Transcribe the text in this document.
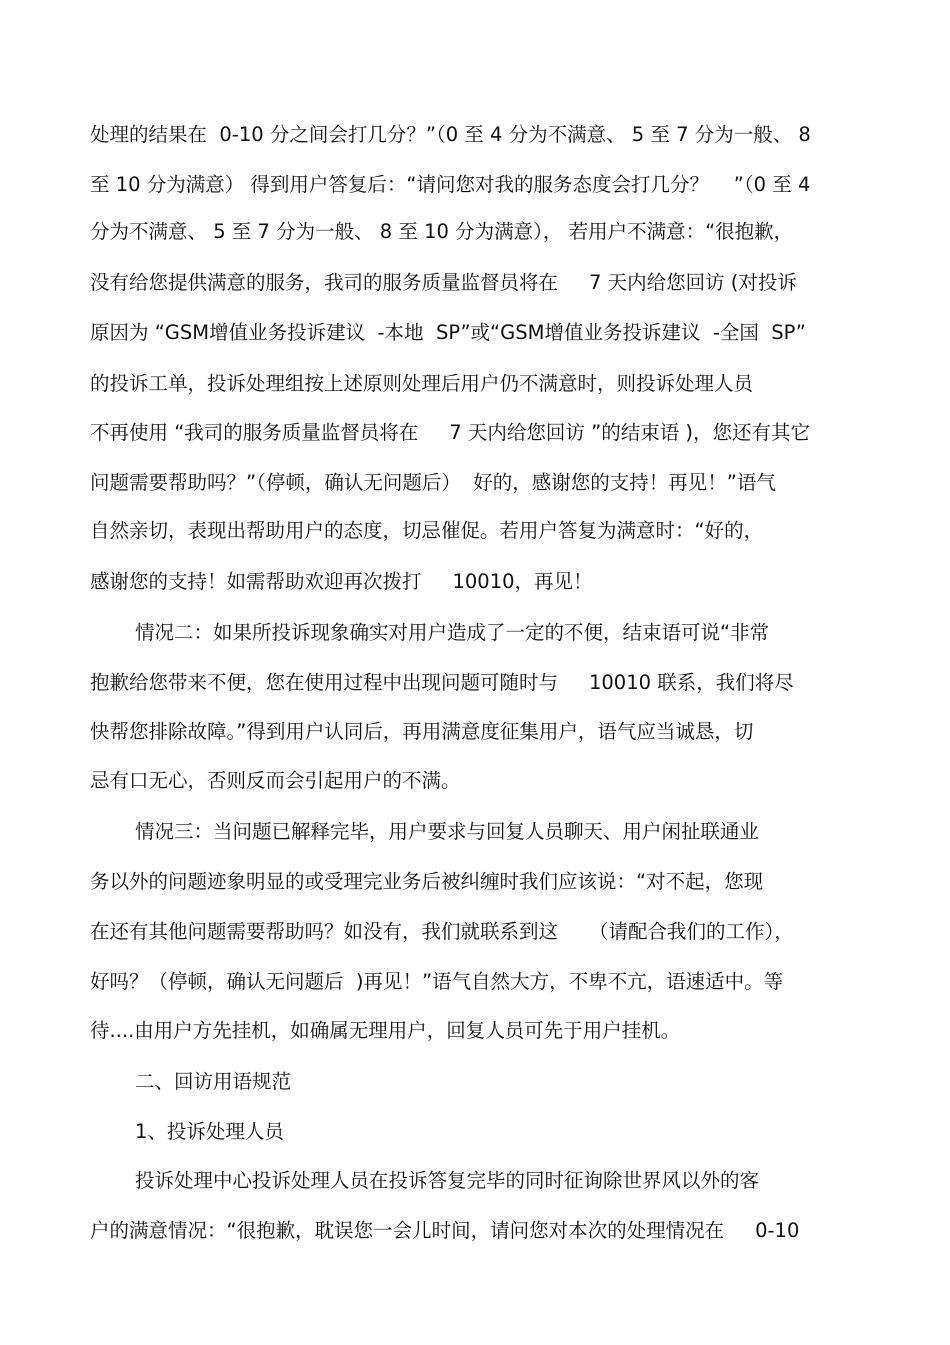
处理的结果在  0-10 分之间会打几分？”（0 至 4 分为不满意、 5 至 7 分为一般、 8
至 10 分为满意） 得到用户答复后：“请问您对我的服务态度会打几分？    ”（0 至 4
分为不满意、 5 至 7 分为一般、 8 至 10 分为满意）， 若用户不满意：“很抱歉，
没有给您提供满意的服务，我司的服务质量监督员将在     7 天内给您回访 (对投诉
原因为 “GSM增值业务投诉建议  -本地  SP”或“GSM增值业务投诉建议  -全国  SP”
的投诉工单，投诉处理组按上述原则处理后用户仍不满意时，则投诉处理人员
不再使用 “我司的服务质量监督员将在     7 天内给您回访 ”的结束语 )，您还有其它
问题需要帮助吗？”（停顿，确认无问题后）  好的，感谢您的支持！再见！”语气
自然亲切，表现出帮助用户的态度，切忌催促。若用户答复为满意时：“好的，
感谢您的支持！如需帮助欢迎再次拨打     10010，再见！
情况二：如果所投诉现象确实对用户造成了一定的不便，结束语可说“非常
抱歉给您带来不便，您在使用过程中出现问题可随时与     10010 联系，我们将尽
快帮您排除故障。”得到用户认同后，再用满意度征集用户，语气应当诚恳，切
忌有口无心，否则反而会引起用户的不满。
情况三：当问题已解释完毕，用户要求与回复人员聊天、用户闲扯联通业
务以外的问题迹象明显的或受理完业务后被纠缠时我们应该说：“对不起，您现
在还有其他问题需要帮助吗？如没有，我们就联系到这     （请配合我们的工作），
好吗？（停顿，确认无问题后  )再见！”语气自然大方，不卑不亢，语速适中。等
待....由用户方先挂机，如确属无理用户，回复人员可先于用户挂机。
二、回访用语规范
1、投诉处理人员
投诉处理中心投诉处理人员在投诉答复完毕的同时征询除世界风以外的客
户的满意情况：“很抱歉，耽误您一会儿时间，请问您对本次的处理情况在     0-10
